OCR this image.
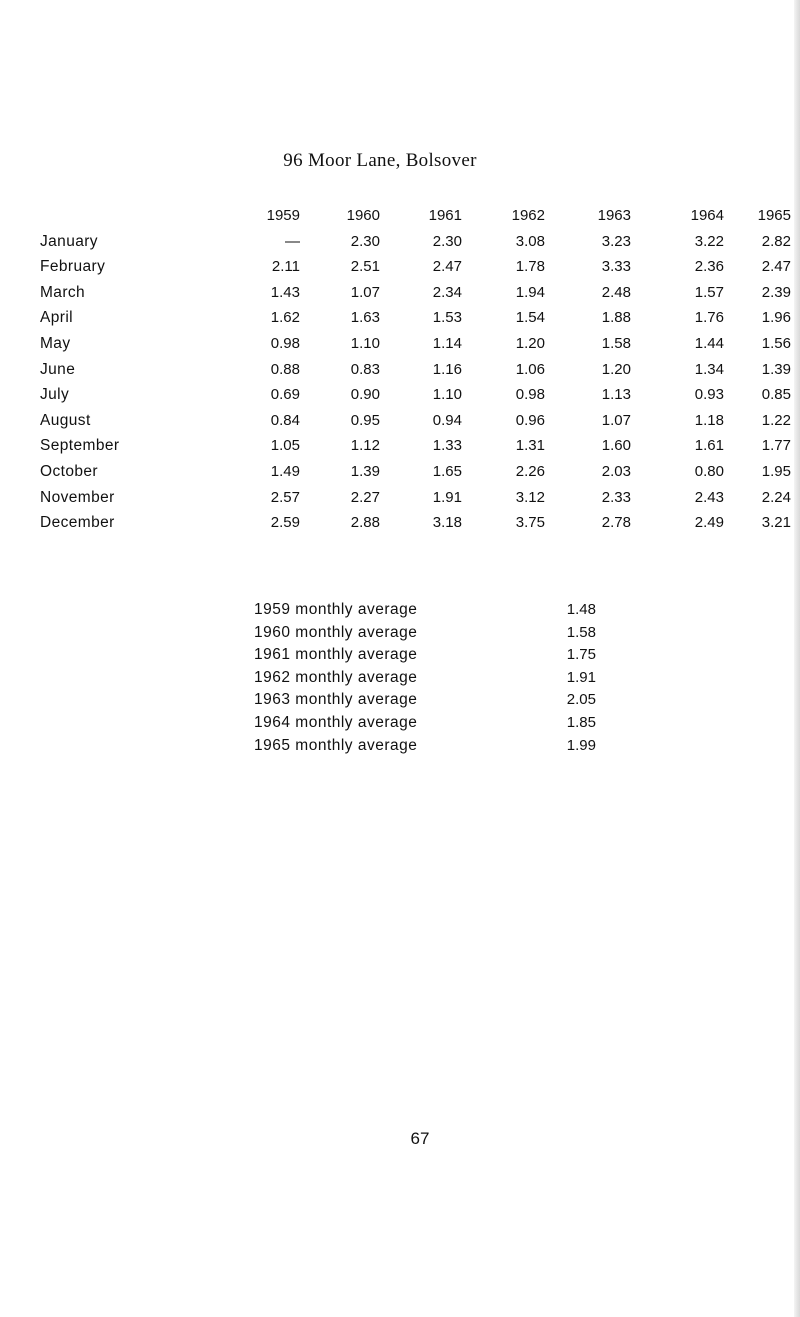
96 Moor Lane, Bolsover
1959	1960	1961	1962	1963	1964	1965
January	—	2.30	2.30	3.08	3.23	3.22	2.82
February	2.11	2.51	2.47	1.78	3.33	2.36	2.47
March	1.43	1.07	2.34	1.94	2.48	1.57	2.39
April	1.62	1.63	1.53	1.54	1.88	1.76	1.96
May	0.98	1.10	1.14	1.20	1.58	1.44	1.56
June	0.88	0.83	1.16	1.06	1.20	1.34	1.39
July	0.69	0.90	1.10	0.98	1.13	0.93	0.85
August	0.84	0.95	0.94	0.96	1.07	1.18	1.22
September	1.05	1.12	1.33	1.31	1.60	1.61	1.77
October	1.49	1.39	1.65	2.26	2.03	0.80	1.95
November	2.57	2.27	1.91	3.12	2.33	2.43	2.24
December	2.59	2.88	3.18	3.75	2.78	2.49	3.21
1959 monthly average	1.48
1960 monthly average	1.58
1961 monthly average	1.75
1962 monthly average	1.91
1963 monthly average	2.05
1964 monthly average	1.85
1965 monthly average	1.99
67
